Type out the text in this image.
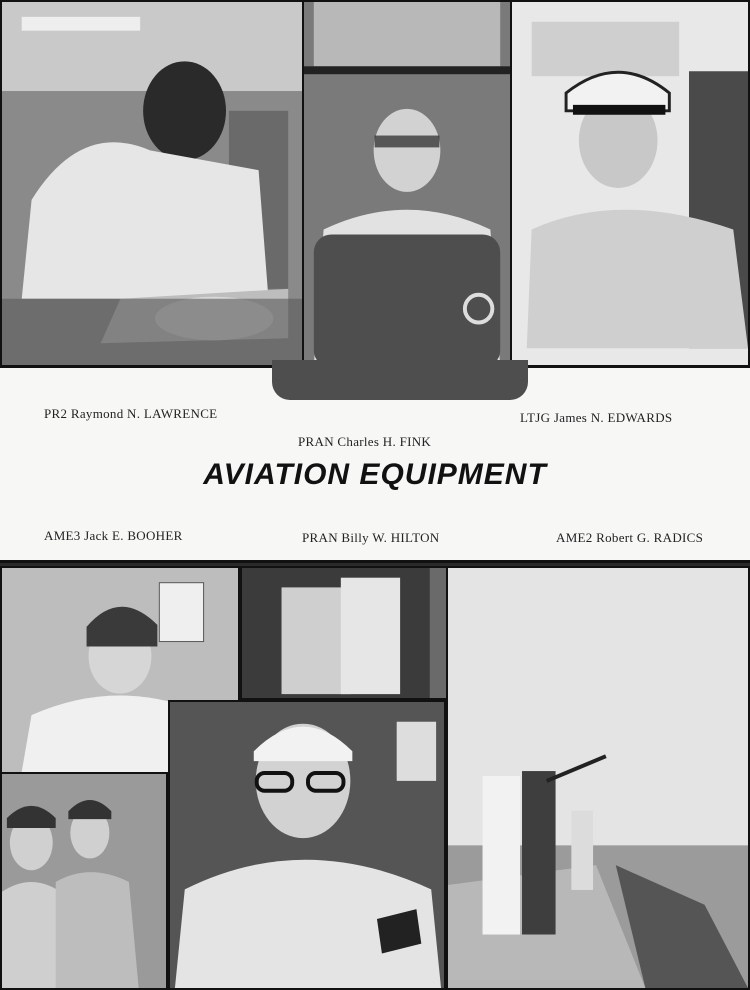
PR2 Raymond N. LAWRENCE	LTJG James N. EDWARDS
PRAN Charles H. FINK
AME3 Jack E. BOOHER	PRAN Billy W. HILTON	AME2 Robert G. RADICS
AVIATION EQUIPMENT
